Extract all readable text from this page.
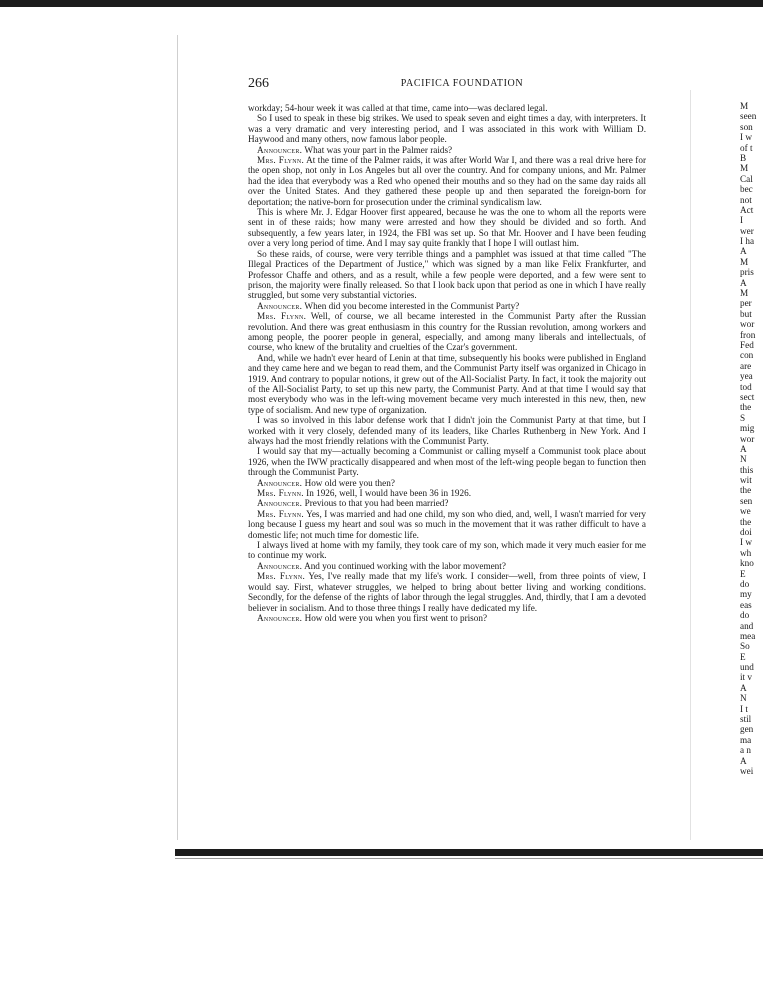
266	PACIFICA FOUNDATION

workday; 54-hour week it was called at that time, came into—was declared legal.

So I used to speak in these big strikes. We used to speak seven and eight times a day, with interpreters. It was a very dramatic and very interesting period, and I was associated in this work with William D. Haywood and many others, now famous labor people.

Announcer. What was your part in the Palmer raids?

Mrs. Flynn. At the time of the Palmer raids, it was after World War I, and there was a real drive here for the open shop, not only in Los Angeles but all over the country. And for company unions, and Mr. Palmer had the idea that everybody was a Red who opened their mouths and so they had on the same day raids all over the United States. And they gathered these people up and then separated the foreign-born for deportation; the native-born for prosecution under the criminal syndicalism law.

This is where Mr. J. Edgar Hoover first appeared, because he was the one to whom all the reports were sent in of these raids; how many were arrested and how they should be divided and so forth. And subsequently, a few years later, in 1924, the FBI was set up. So that Mr. Hoover and I have been feuding over a very long period of time. And I may say quite frankly that I hope I will outlast him.

So these raids, of course, were very terrible things and a pamphlet was issued at that time called "The Illegal Practices of the Department of Justice," which was signed by a man like Felix Frankfurter, and Professor Chaffe and others, and as a result, while a few people were deported, and a few were sent to prison, the majority were finally released. So that I look back upon that period as one in which I have really struggled, but some very substantial victories.

Announcer. When did you become interested in the Communist Party?

Mrs. Flynn. Well, of course, we all became interested in the Communist Party after the Russian revolution. And there was great enthusiasm in this country for the Russian revolution, among workers and among people, the poorer people in general, especially, and among many liberals and intellectuals, of course, who knew of the brutality and cruelties of the Czar's government.

And, while we hadn't ever heard of Lenin at that time, subsequently his books were published in England and they came here and we began to read them, and the Communist Party itself was organized in Chicago in 1919. And contrary to popular notions, it grew out of the All-Socialist Party. In fact, it took the majority out of the All-Socialist Party, to set up this new party, the Communist Party. And at that time I would say that most everybody who was in the left-wing movement became very much interested in this new, then, new type of socialism. And new type of organization.

I was so involved in this labor defense work that I didn't join the Communist Party at that time, but I worked with it very closely, defended many of its leaders, like Charles Ruthenberg in New York. And I always had the most friendly relations with the Communist Party.

I would say that my—actually becoming a Communist or calling myself a Communist took place about 1926, when the IWW practically disappeared and when most of the left-wing people began to function then through the Communist Party.

Announcer. How old were you then?

Mrs. Flynn. In 1926, well, I would have been 36 in 1926.

Announcer. Previous to that you had been married?

Mrs. Flynn. Yes, I was married and had one child, my son who died, and, well, I wasn't married for very long because I guess my heart and soul was so much in the movement that it was rather difficult to have a domestic life; not much time for domestic life.

I always lived at home with my family, they took care of my son, which made it very much easier for me to continue my work.

Announcer. And you continued working with the labor movement?

Mrs. Flynn. Yes, I've really made that my life's work. I consider—well, from three points of view, I would say. First, whatever struggles, we helped to bring about better living and working conditions. Secondly, for the defense of the rights of labor through the legal struggles. And, thirdly, that I am a devoted believer in socialism. And to those three things I really have dedicated my life.

Announcer. How old were you when you first went to prison?

M
seen
son
I w
of t
B
M
Cal
bec
not
Act
I
wer
I ha
A
M
pris
A
M
per
but
wor
fron
Fed
con
are
yea
tod
sect
the
S
mig
wor
A
N
this
wit
the
sen
we
the
doi
I w
wh
kno
E
do
my
eas
do
and
mea
So
E
und
it v
A
N
I t
stil
gen
ma
a n
A
wei
